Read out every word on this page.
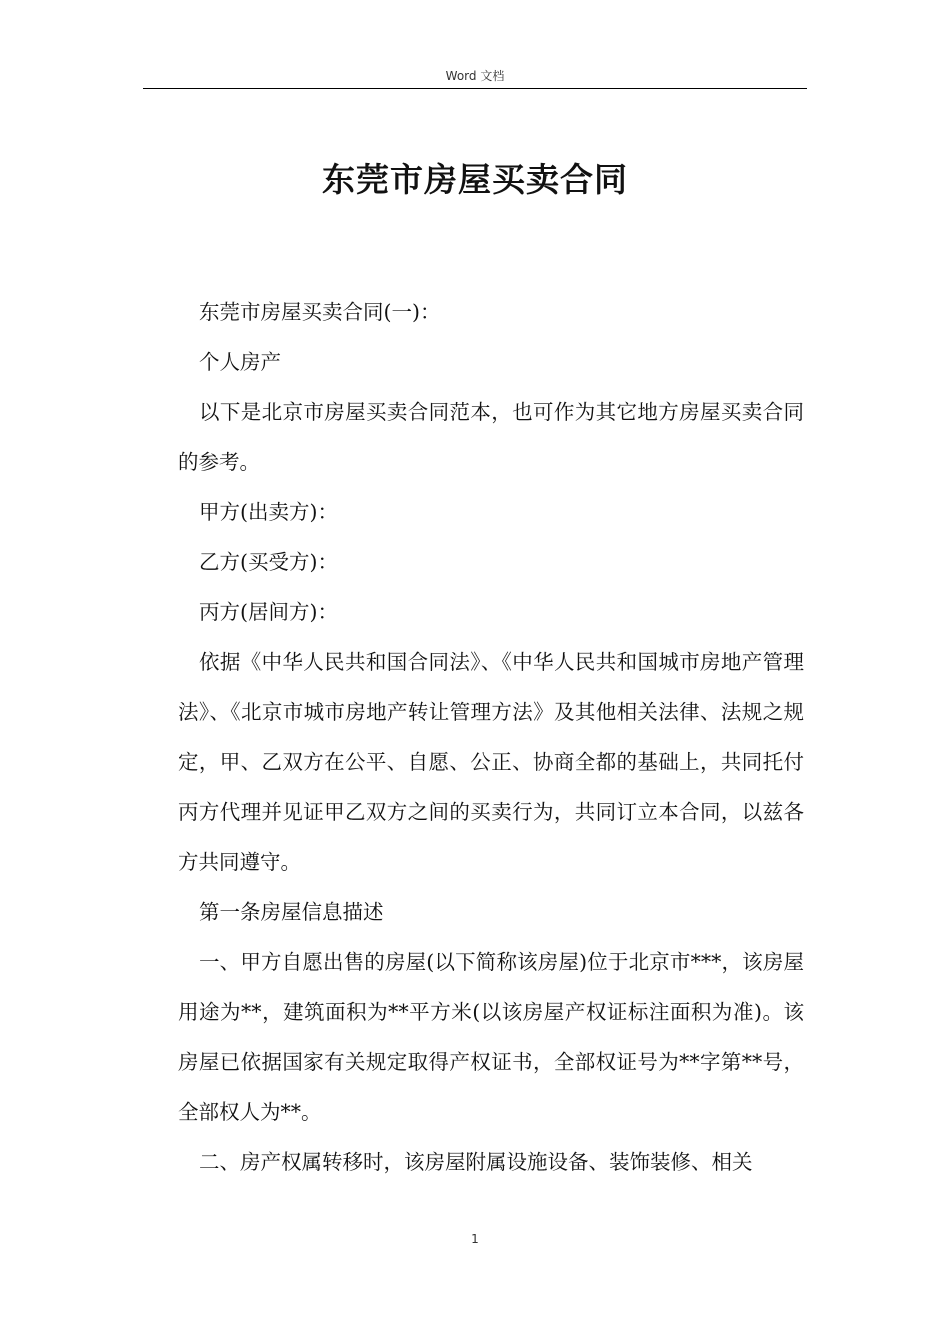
Word 文档
东莞市房屋买卖合同

东莞市房屋买卖合同(一)：

个人房产

以下是北京市房屋买卖合同范本，也可作为其它地方房屋买卖合同的参考。

甲方(出卖方)：

乙方(买受方)：

丙方(居间方)：

依据《中华人民共和国合同法》、《中华人民共和国城市房地产管理法》、《北京市城市房地产转让管理方法》及其他相关法律、法规之规定，甲、乙双方在公平、自愿、公正、协商全都的基础上，共同托付丙方代理并见证甲乙双方之间的买卖行为，共同订立本合同，以兹各方共同遵守。

第一条房屋信息描述

一、甲方自愿出售的房屋(以下简称该房屋)位于北京市***，该房屋用途为**，建筑面积为**平方米(以该房屋产权证标注面积为准)。该房屋已依据国家有关规定取得产权证书，全部权证号为**字第**号，全部权人为**。

二、房产权属转移时，该房屋附属设施设备、装饰装修、相关

1
